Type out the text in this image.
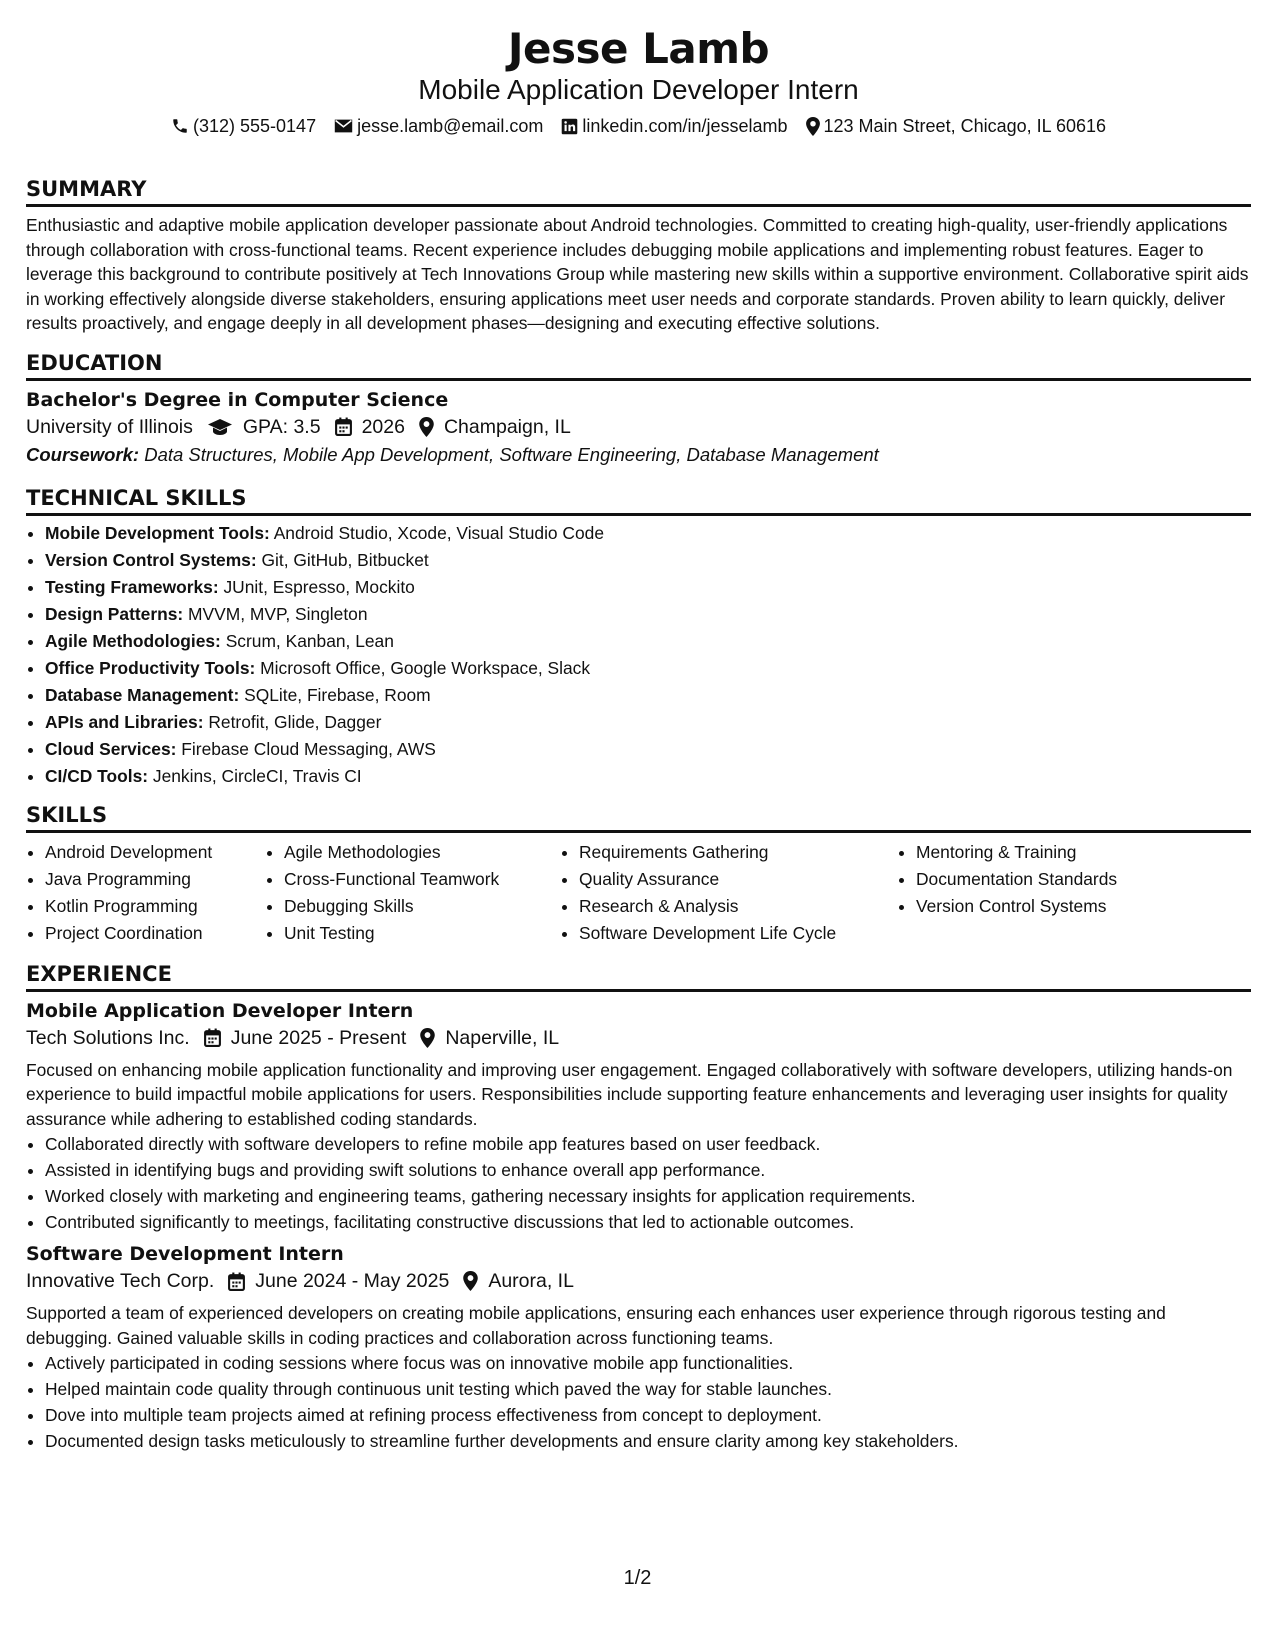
Jesse Lamb
Mobile Application Developer Intern
(312) 555-0147 jesse.lamb@email.com linkedin.com/in/jesselamb 123 Main Street, Chicago, IL 60616
SUMMARY
Enthusiastic and adaptive mobile application developer passionate about Android technologies. Committed to creating high-quality, user-friendly applications through collaboration with cross-functional teams. Recent experience includes debugging mobile applications and implementing robust features. Eager to leverage this background to contribute positively at Tech Innovations Group while mastering new skills within a supportive environment. Collaborative spirit aids in working effectively alongside diverse stakeholders, ensuring applications meet user needs and corporate standards. Proven ability to learn quickly, deliver results proactively, and engage deeply in all development phases—designing and executing effective solutions.
EDUCATION
Bachelor's Degree in Computer Science
University of Illinois	GPA: 3.5 2026 Champaign, IL
Coursework: Data Structures, Mobile App Development, Software Engineering, Database Management
TECHNICAL SKILLS
• Mobile Development Tools: Android Studio, Xcode, Visual Studio Code
• Version Control Systems: Git, GitHub, Bitbucket
• Testing Frameworks: JUnit, Espresso, Mockito
• Design Patterns: MVVM, MVP, Singleton
• Agile Methodologies: Scrum, Kanban, Lean
• Office Productivity Tools: Microsoft Office, Google Workspace, Slack
• Database Management: SQLite, Firebase, Room
• APIs and Libraries: Retrofit, Glide, Dagger
• Cloud Services: Firebase Cloud Messaging, AWS
• CI/CD Tools: Jenkins, CircleCI, Travis CI
SKILLS
• Android Development
• Java Programming
• Kotlin Programming
• Project Coordination
• Agile Methodologies
• Cross-Functional Teamwork
• Debugging Skills
• Unit Testing
• Requirements Gathering
• Quality Assurance
• Research & Analysis
• Software Development Life Cycle
• Mentoring & Training
• Documentation Standards
• Version Control Systems
EXPERIENCE
Mobile Application Developer Intern
Tech Solutions Inc. June 2025 - Present Naperville, IL
Focused on enhancing mobile application functionality and improving user engagement. Engaged collaboratively with software developers, utilizing hands-on experience to build impactful mobile applications for users. Responsibilities include supporting feature enhancements and leveraging user insights for quality assurance while adhering to established coding standards.
• Collaborated directly with software developers to refine mobile app features based on user feedback.
• Assisted in identifying bugs and providing swift solutions to enhance overall app performance.
• Worked closely with marketing and engineering teams, gathering necessary insights for application requirements.
• Contributed significantly to meetings, facilitating constructive discussions that led to actionable outcomes.
Software Development Intern
Innovative Tech Corp. June 2024 - May 2025 Aurora, IL
Supported a team of experienced developers on creating mobile applications, ensuring each enhances user experience through rigorous testing and debugging. Gained valuable skills in coding practices and collaboration across functioning teams.
• Actively participated in coding sessions where focus was on innovative mobile app functionalities.
• Helped maintain code quality through continuous unit testing which paved the way for stable launches.
• Dove into multiple team projects aimed at refining process effectiveness from concept to deployment.
• Documented design tasks meticulously to streamline further developments and ensure clarity among key stakeholders.
1/2
